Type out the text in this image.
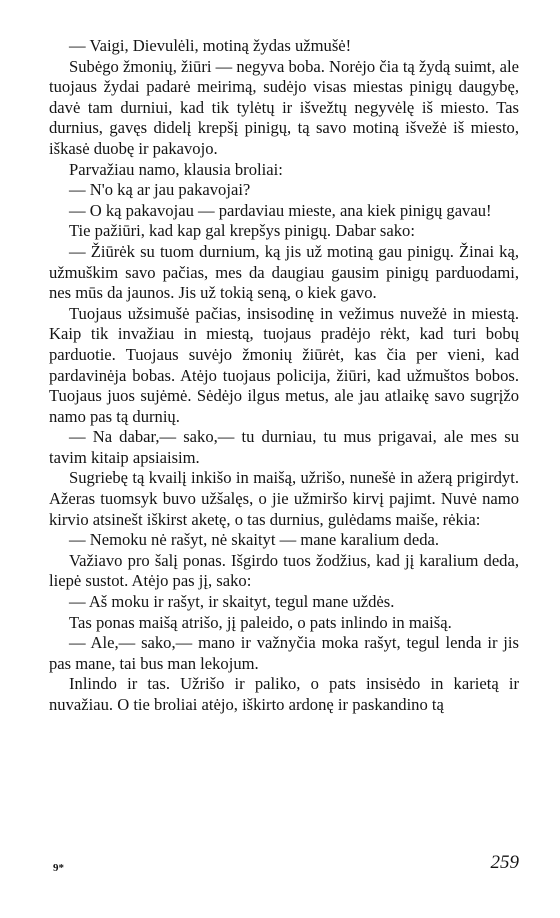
— Vaigi, Dievulėli, motiną žydas užmušė!

Subėgo žmonių, žiūri — negyva boba. Norėjo čia tą žydą suimt, ale tuojaus žydai padarė meirimą, sudėjo visas miestas pinigų daugybę, davė tam durniui, kad tik tylėtų ir išvežtų negyvėlę iš miesto. Tas durnius, gavęs didelį krepšį pinigų, tą savo motiną išvežė iš miesto, iškasė duobę ir pakavojo.

Parvažiau namo, klausia broliai:

— N'o ką ar jau pakavojai?

— O ką pakavojau — pardaviau mieste, ana kiek pinigų gavau!

Tie pažiūri, kad kap gal krepšys pinigų. Dabar sako:

— Žiūrėk su tuom durnium, ką jis už motiną gau pinigų. Žinai ką, užmuškim savo pačias, mes da daugiau gausim pinigų parduodami, nes mūs da jaunos. Jis už tokią seną, o kiek gavo.

Tuojaus užsimušė pačias, insisodinę in vežimus nuvežė in miestą. Kaip tik invažiau in miestą, tuojaus pradėjo rėkt, kad turi bobų parduotie. Tuojaus suvėjo žmonių žiūrėt, kas čia per vieni, kad pardavinėja bobas. Atėjo tuojaus policija, žiūri, kad užmuštos bobos. Tuojaus juos sujėmė. Sėdėjo ilgus metus, ale jau atlaikę savo sugrįžo namo pas tą durnių.

— Na dabar,— sako,— tu durniau, tu mus prigavai, ale mes su tavim kitaip apsiaisim.

Sugriebę tą kvailį inkišo in maišą, užrišo, nunešė in ažerą prigirdyt. Ažeras tuomsyk buvo užšalęs, o jie užmiršo kirvį pajimt. Nuvė namo kirvio atsinešt iškirst aketę, o tas durnius, gulėdams maiše, rėkia:

— Nemoku nė rašyt, nė skaityt — mane karalium deda.

Važiavo pro šalį ponas. Išgirdo tuos žodžius, kad jį karalium deda, liepė sustot. Atėjo pas jį, sako:

— Aš moku ir rašyt, ir skaityt, tegul mane uždės.

Tas ponas maišą atrišo, jį paleido, o pats inlindo in maišą.

— Ale,— sako,— mano ir važnyčia moka rašyt, tegul lenda ir jis pas mane, tai bus man lekojum.

Inlindo ir tas. Užrišo ir paliko, o pats insisėdo in karietą ir nuvažiau. O tie broliai atėjo, iškirto ardonę ir paskandino tą

9*	259
